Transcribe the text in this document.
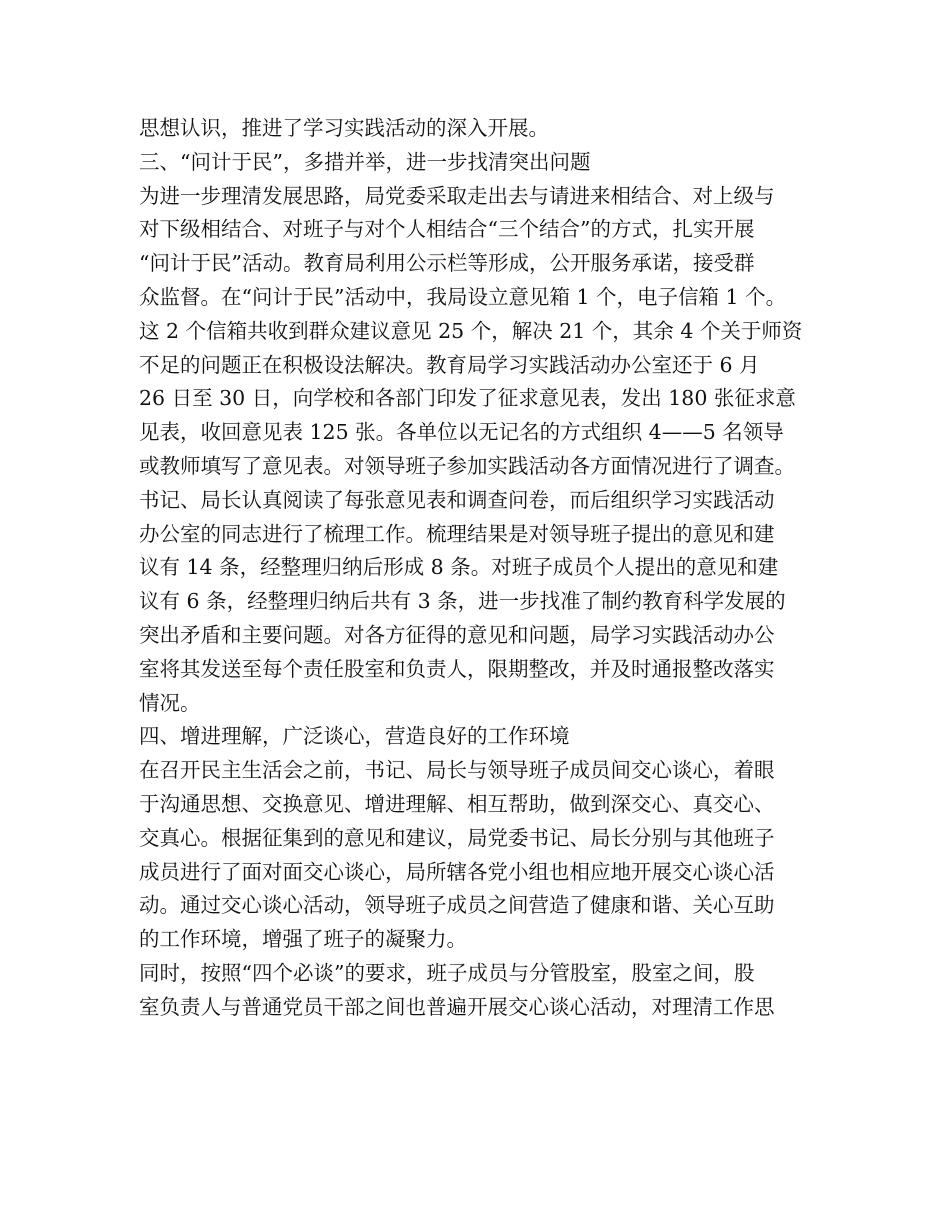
思想认识，推进了学习实践活动的深入开展。
三、“问计于民”，多措并举，进一步找清突出问题
为进一步理清发展思路，局党委采取走出去与请进来相结合、对上级与
对下级相结合、对班子与对个人相结合“三个结合”的方式，扎实开展
“问计于民”活动。教育局利用公示栏等形成，公开服务承诺，接受群
众监督。在“问计于民”活动中，我局设立意见箱 1 个，电子信箱 1 个。
这 2 个信箱共收到群众建议意见 25 个，解决 21 个，其余 4 个关于师资
不足的问题正在积极设法解决。教育局学习实践活动办公室还于 6 月
26 日至 30 日，向学校和各部门印发了征求意见表，发出 180 张征求意
见表，收回意见表 125 张。各单位以无记名的方式组织 4——5 名领导
或教师填写了意见表。对领导班子参加实践活动各方面情况进行了调查。
书记、局长认真阅读了每张意见表和调查问卷，而后组织学习实践活动
办公室的同志进行了梳理工作。梳理结果是对领导班子提出的意见和建
议有 14 条，经整理归纳后形成 8 条。对班子成员个人提出的意见和建
议有 6 条，经整理归纳后共有 3 条，进一步找准了制约教育科学发展的
突出矛盾和主要问题。对各方征得的意见和问题，局学习实践活动办公
室将其发送至每个责任股室和负责人，限期整改，并及时通报整改落实
情况。
四、增进理解，广泛谈心，营造良好的工作环境
在召开民主生活会之前，书记、局长与领导班子成员间交心谈心，着眼
于沟通思想、交换意见、增进理解、相互帮助，做到深交心、真交心、
交真心。根据征集到的意见和建议，局党委书记、局长分别与其他班子
成员进行了面对面交心谈心，局所辖各党小组也相应地开展交心谈心活
动。通过交心谈心活动，领导班子成员之间营造了健康和谐、关心互助
的工作环境，增强了班子的凝聚力。
同时，按照“四个必谈”的要求，班子成员与分管股室，股室之间，股
室负责人与普通党员干部之间也普遍开展交心谈心活动，对理清工作思
